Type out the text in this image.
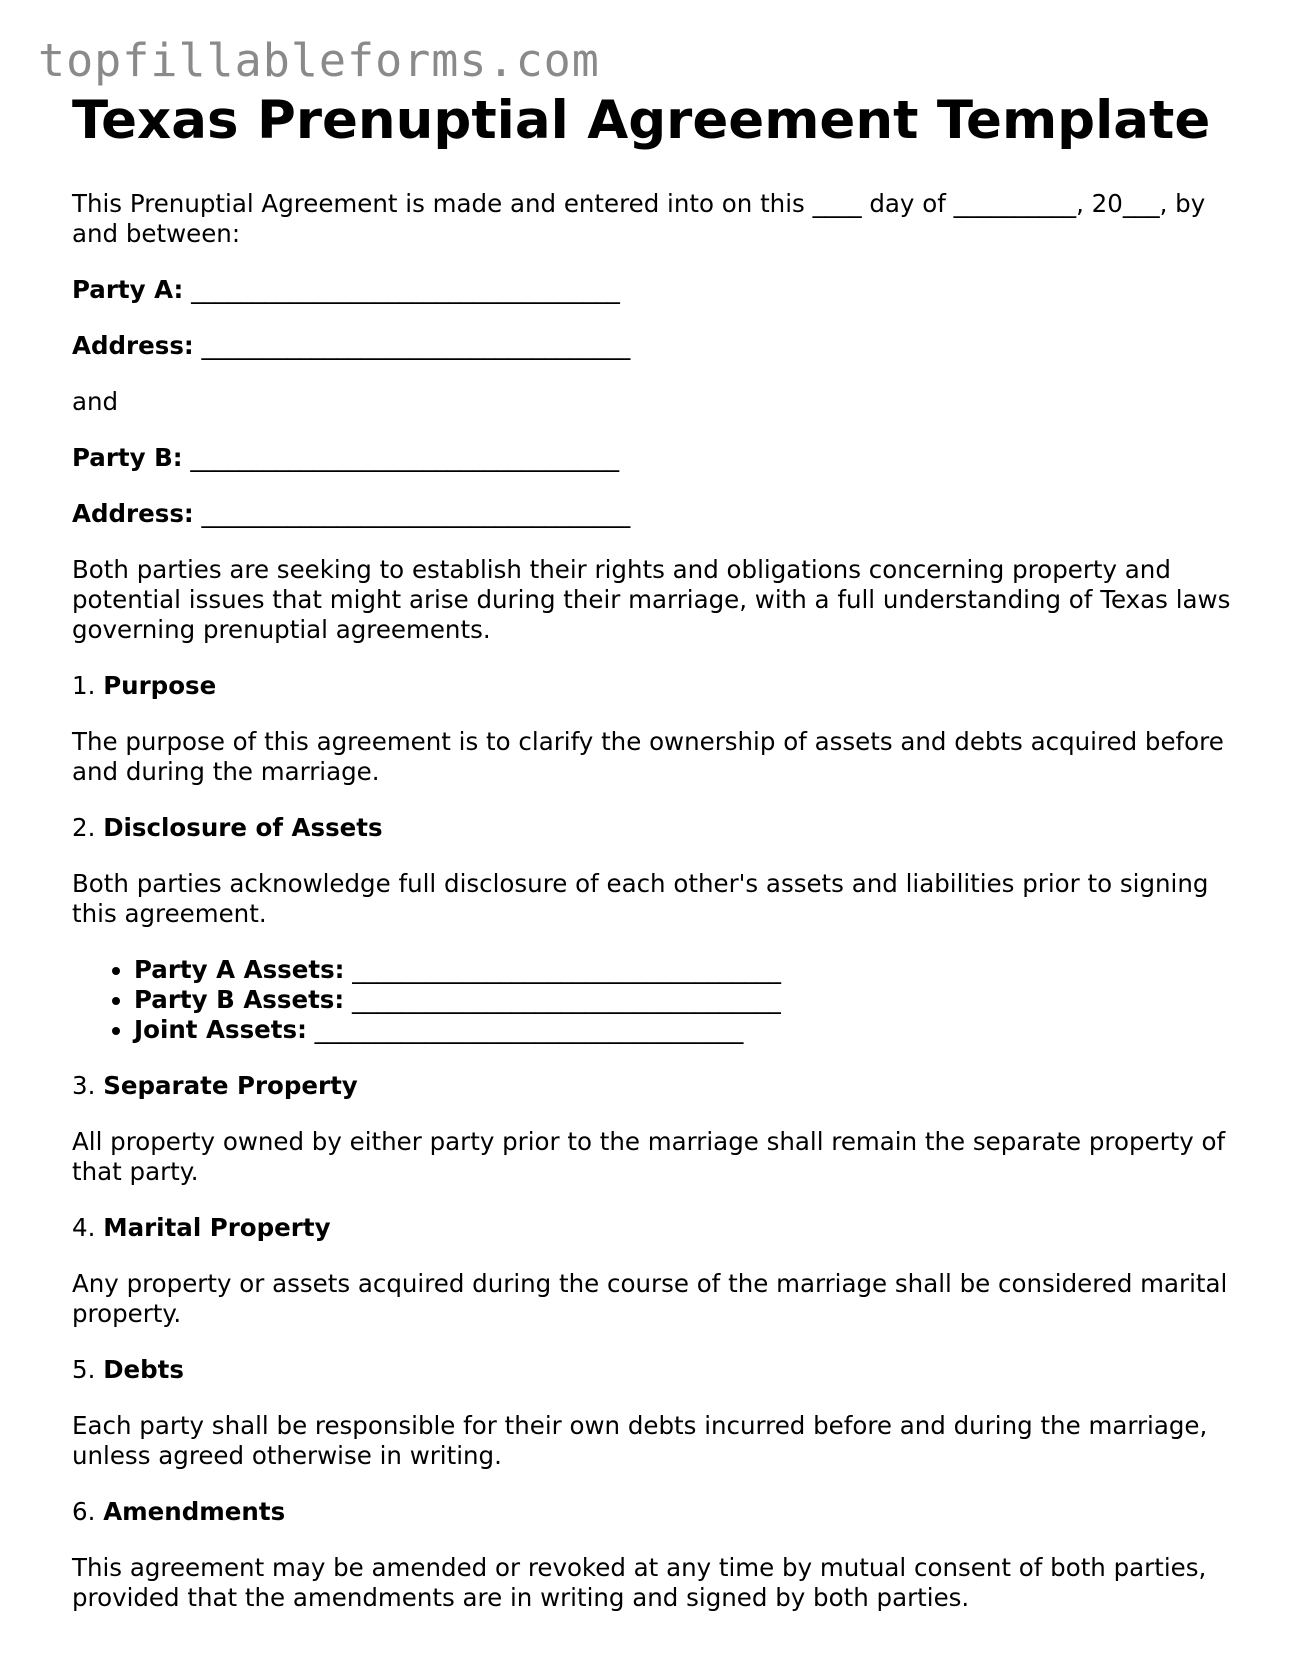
topfillableforms.com
Texas Prenuptial Agreement Template

This Prenuptial Agreement is made and entered into on this ____ day of __________, 20___, by and between:

Party A: ___________________________________

Address: ___________________________________

and

Party B: ___________________________________

Address: ___________________________________

Both parties are seeking to establish their rights and obligations concerning property and potential issues that might arise during their marriage, with a full understanding of Texas laws governing prenuptial agreements.

1. Purpose

The purpose of this agreement is to clarify the ownership of assets and debts acquired before and during the marriage.

2. Disclosure of Assets

Both parties acknowledge full disclosure of each other's assets and liabilities prior to signing this agreement.

• Party A Assets: ___________________________________
• Party B Assets: ___________________________________
• Joint Assets: ___________________________________

3. Separate Property

All property owned by either party prior to the marriage shall remain the separate property of that party.

4. Marital Property

Any property or assets acquired during the course of the marriage shall be considered marital property.

5. Debts

Each party shall be responsible for their own debts incurred before and during the marriage, unless agreed otherwise in writing.

6. Amendments

This agreement may be amended or revoked at any time by mutual consent of both parties, provided that the amendments are in writing and signed by both parties.
